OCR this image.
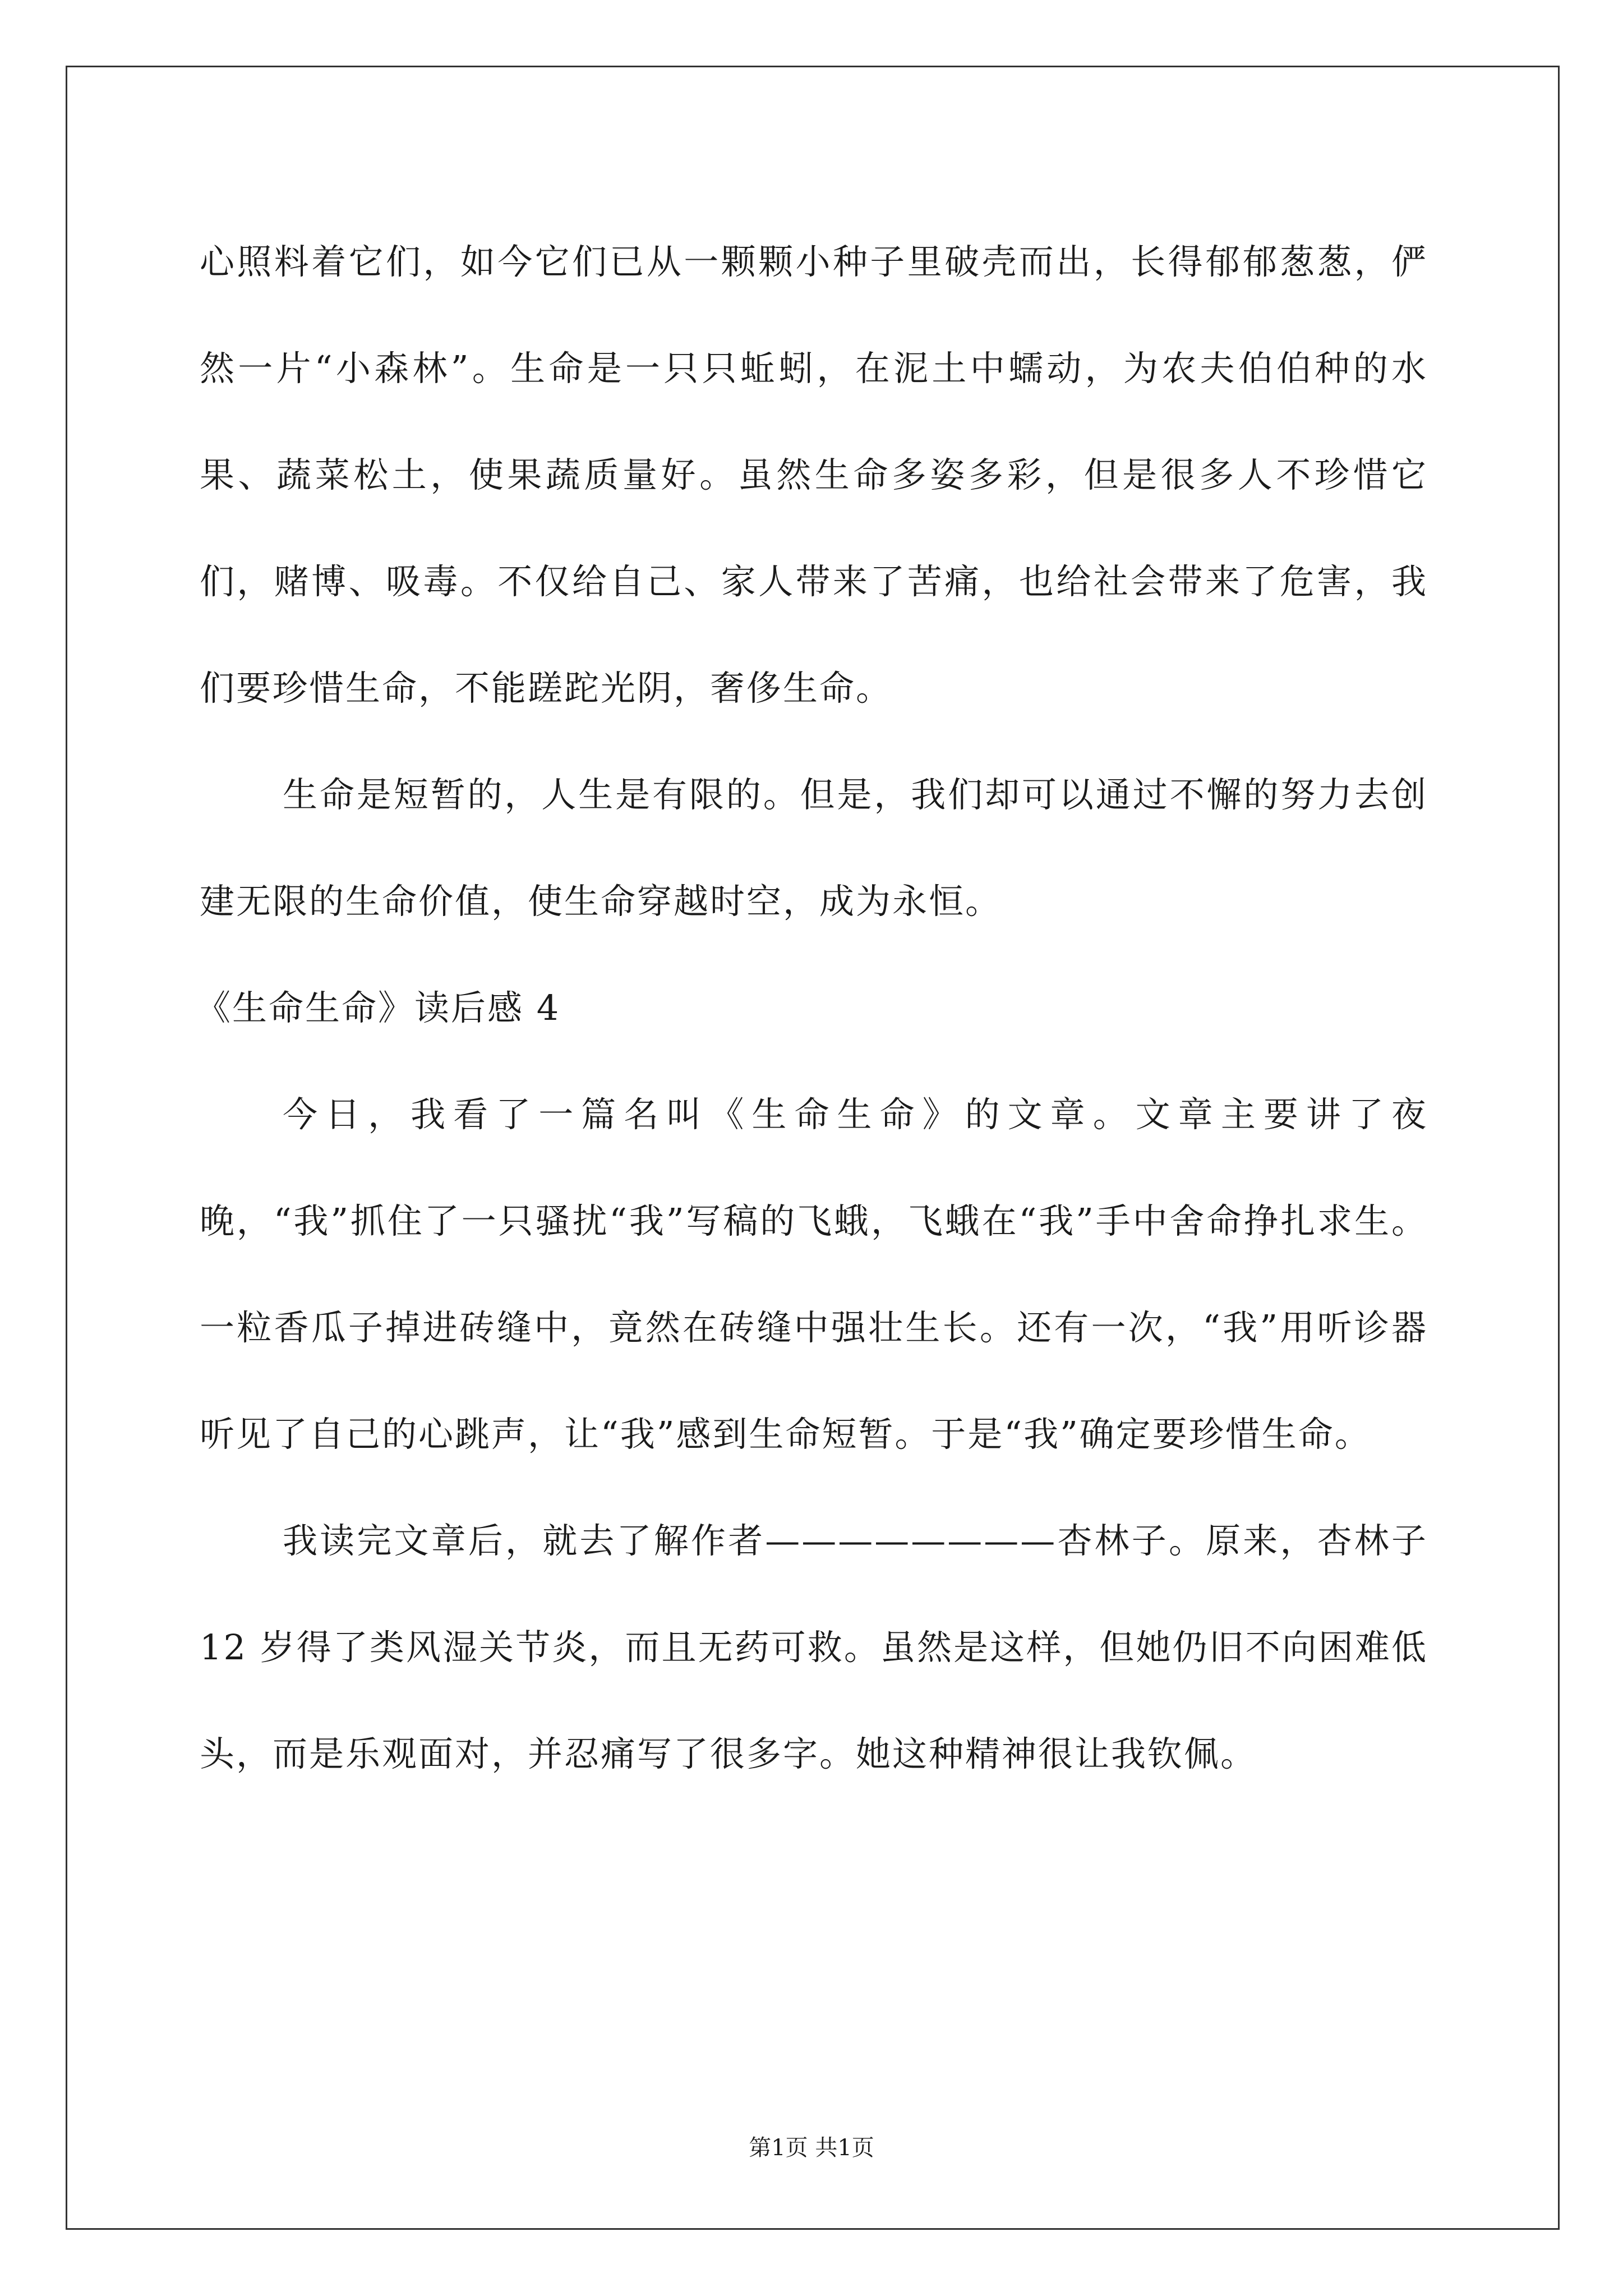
心照料着它们，如今它们已从一颗颗小种子里破壳而出，长得郁郁葱葱，俨然一片“小森林”。生命是一只只蚯蚓，在泥土中蠕动，为农夫伯伯种的水果、蔬菜松土，使果蔬质量好。虽然生命多姿多彩，但是很多人不珍惜它们，赌博、吸毒。不仅给自己、家人带来了苦痛，也给社会带来了危害，我们要珍惜生命，不能蹉跎光阴，奢侈生命。

生命是短暂的，人生是有限的。但是，我们却可以通过不懈的努力去创建无限的生命价值，使生命穿越时空，成为永恒。

《生命生命》读后感 4

今日，我看了一篇名叫《生命生命》的文章。文章主要讲了夜晚，“我”抓住了一只骚扰“我”写稿的飞蛾，飞蛾在“我”手中舍命挣扎求生。一粒香瓜子掉进砖缝中，竟然在砖缝中强壮生长。还有一次，“我”用听诊器听见了自己的心跳声，让“我”感到生命短暂。于是“我”确定要珍惜生命。

我读完文章后，就去了解作者————————杏林子。原来，杏林子 12 岁得了类风湿关节炎，而且无药可救。虽然是这样，但她仍旧不向困难低头，而是乐观面对，并忍痛写了很多字。她这种精神很让我钦佩。

第1页 共1页
